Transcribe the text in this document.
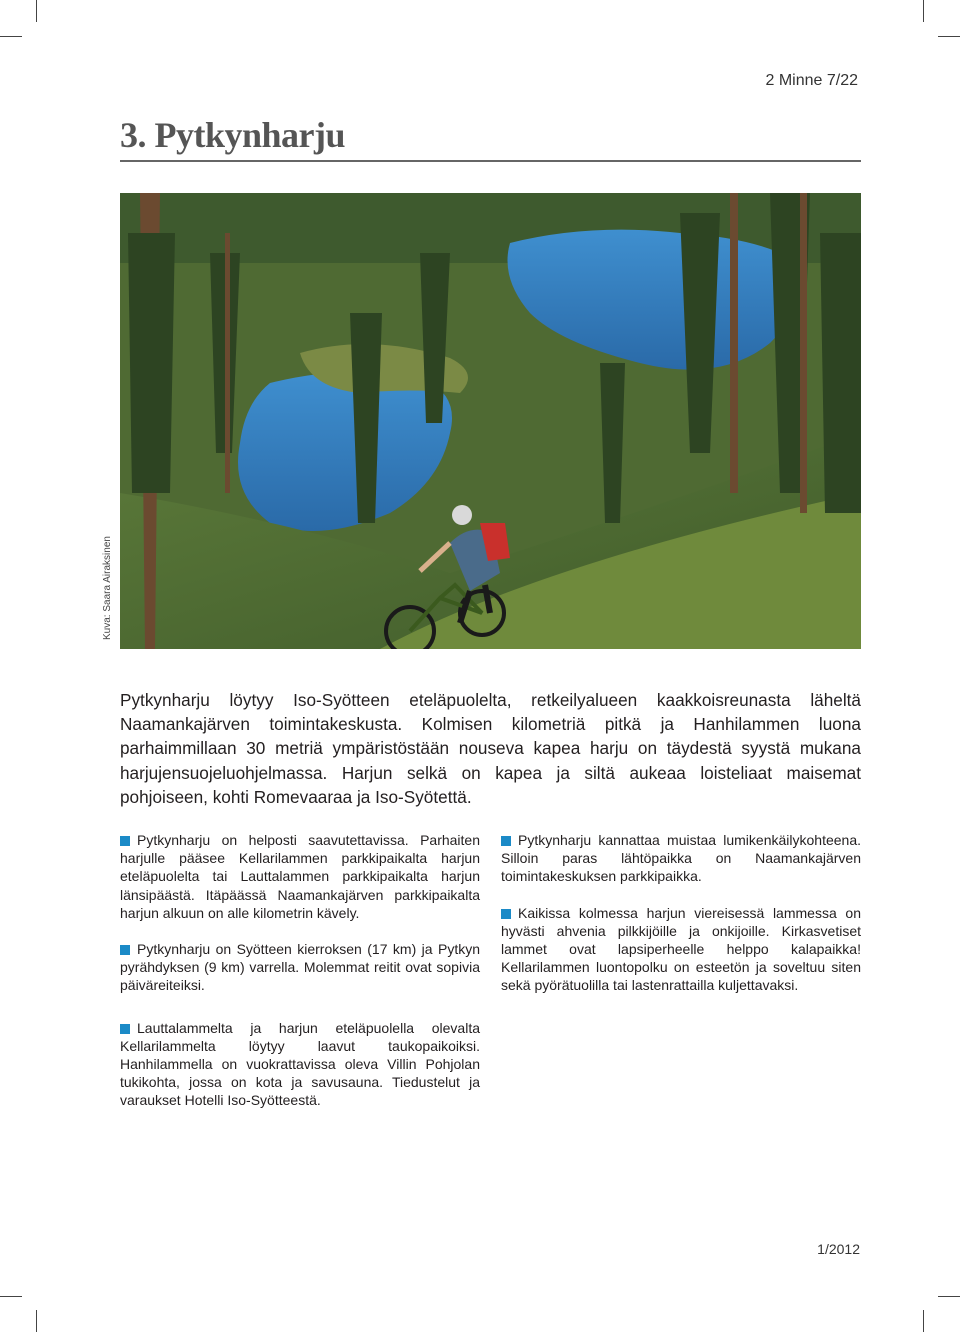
2 Minne 7/22
3. Pytkynharju
Kuva: Saara Airaksinen

Pytkynharju löytyy Iso-Syötteen eteläpuolelta, retkeilyalueen kaakkoisreunasta läheltä Naamankajärven toimintakeskusta. Kolmisen kilometriä pitkä ja Hanhilammen luona parhaimmillaan 30 metriä ympäristöstään nouseva kapea harju on täydestä syystä mukana harjujensuojeluohjelmassa. Harjun selkä on kapea ja siltä aukeaa loisteliaat maisemat pohjoiseen, kohti Romevaaraa ja Iso-Syötettä.

Pytkynharju on helposti saavutettavissa. Parhaiten harjulle pääsee Kellarilammen parkkipaikalta harjun eteläpuolelta tai Lauttalammen parkkipaikalta harjun länsipäästä. Itäpäässä Naamankajärven parkkipaikalta harjun alkuun on alle kilometrin kävely.

Pytkynharju on Syötteen kierroksen (17 km) ja Pytkyn pyrähdyksen (9 km) varrella. Molemmat reitit ovat sopivia päiväreiteiksi.

Lauttalammelta ja harjun eteläpuolella olevalta Kellarilammelta löytyy laavut taukopaikoiksi. Hanhilammella on vuokrattavissa oleva Villin Pohjolan tukikohta, jossa on kota ja savusauna. Tiedustelut ja varaukset Hotelli Iso-Syötteestä.

Pytkynharju kannattaa muistaa lumikenkäilykohteena. Silloin paras lähtöpaikka on Naamankajärven toimintakeskuksen parkkipaikka.

Kaikissa kolmessa harjun viereisessä lammessa on hyvästi ahvenia pilkkijöille ja onkijoille. Kirkasvetiset lammet ovat lapsiperheelle helppo kalapaikka! Kellarilammen luontopolku on esteetön ja soveltuu siten sekä pyörätuolilla tai lastenrattailla kuljettavaksi.

1/2012
